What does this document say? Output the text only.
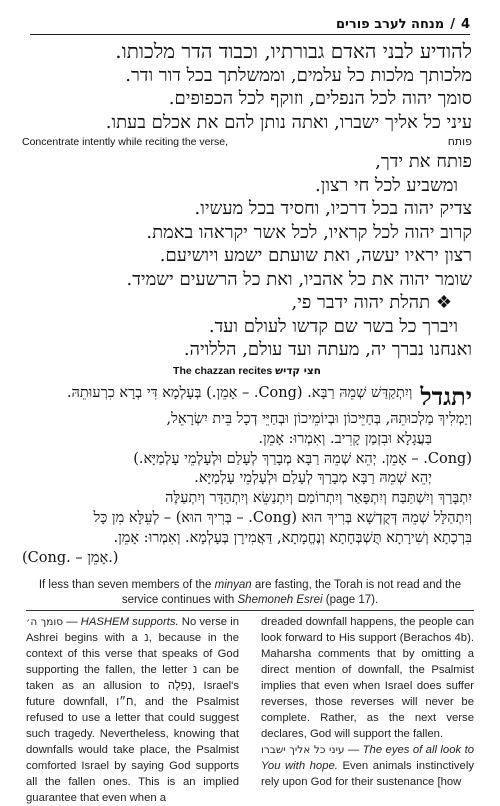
4
/
מנחה לערב פורים
להודיע לבני האדם גבורתיו, וכבוד הדר מלכותו.
מלכותך מלכות כל עלמים, וממשלתך בכל דור ודר.
סומך יהוה לכל הנפלים, וזוקף לכל הכפופים.
עיני כל אליך ישברו, ואתה נותן להם את אכלם בעתו.
Concentrate intently while reciting the verse,	פותח
פותח את ידך,
ומשביע לכל חי רצון.
צדיק יהוה בכל דרכיו, וחסיד בכל מעשיו.
קרוב יהוה לכל קראיו, לכל אשר יקראהו באמת.
רצון יראיו יעשה, ואת שועתם ישמע ויושיעם.
שומר יהוה את כל אהביו, ואת כל הרשעים ישמיד.
❖ תהלת יהוה ידבר פי,
ויברך כל בשר שם קדשו לעולם ועד.
ואנחנו נברך יה, מעתה ועד עולם, הללויה.
The chazzan recites חצי קדיש
יתגדל
וְיִתְקַדַּשׁ שְׁמֵהּ רַבָּא. (Cong. – אָמֵן.) בְּעָלְמָא דִּי בְרָא כִרְעוּתֵהּ.
וְיַמְלִיךְ מַלְכוּתֵהּ, בְּחַיֵּיכוֹן וּבְיוֹמֵיכוֹן וּבְחַיֵּי דְכָל בֵּית יִשְׂרָאֵל,
בַּעֲגָלָא וּבִזְמַן קָרִיב. וְאִמְרוּ: אָמֵן.
(Cong. – אָמֵן. יְהֵא שְׁמֵהּ רַבָּא מְבָרַךְ לְעָלַם וּלְעָלְמֵי עָלְמַיָּא.)
יְהֵא שְׁמֵהּ רַבָּא מְבָרַךְ לְעָלַם וּלְעָלְמֵי עָלְמַיָּא.
יִתְבָּרַךְ וְיִשְׁתַּבַּח וְיִתְפָּאַר וְיִתְרוֹמַם וְיִתְנַשֵּׂא וְיִתְהַדָּר וְיִתְעַלֶּה
וְיִתְהַלָּל שְׁמֵהּ דְּקֻדְשָׁא בְּרִיךְ הוּא (Cong. – בְּרִיךְ הוּא) – לְעֵלָּא מִן כָּל
בִּרְכָתָא וְשִׁירָתָא תֻּשְׁבְּחָתָא וְנֶחֱמָתָא, דַּאֲמִירָן בְּעָלְמָא. וְאִמְרוּ: אָמֵן.
(Cong. – אָמֵן.)
If less than seven members of the minyan are fasting, the Torah is not read and the service continues with Shemoneh Esrei (page 17).

סומך ה׳ — HASHEM supports. No verse in Ashrei begins with a נ, because in the context of this verse that speaks of God supporting the fallen, the letter נ can be taken as an allusion to נְפִלָה, Israel's future downfall, ח״ו, and the Psalmist refused to use a letter that could suggest such tragedy. Nevertheless, knowing that downfalls would take place, the Psalmist comforted Israel by saying God supports all the fallen ones. This is an implied guarantee that even when a

dreaded downfall happens, the people can look forward to His support (Berachos 4b). Maharsha comments that by omitting a direct mention of downfall, the Psalmist implies that even when Israel does suffer reverses, those reverses will never be complete. Rather, as the next verse declares, God will support the fallen.

עיני כל אליך ישברו — The eyes of all look to You with hope. Even animals instinctively rely upon God for their sustenance [how
